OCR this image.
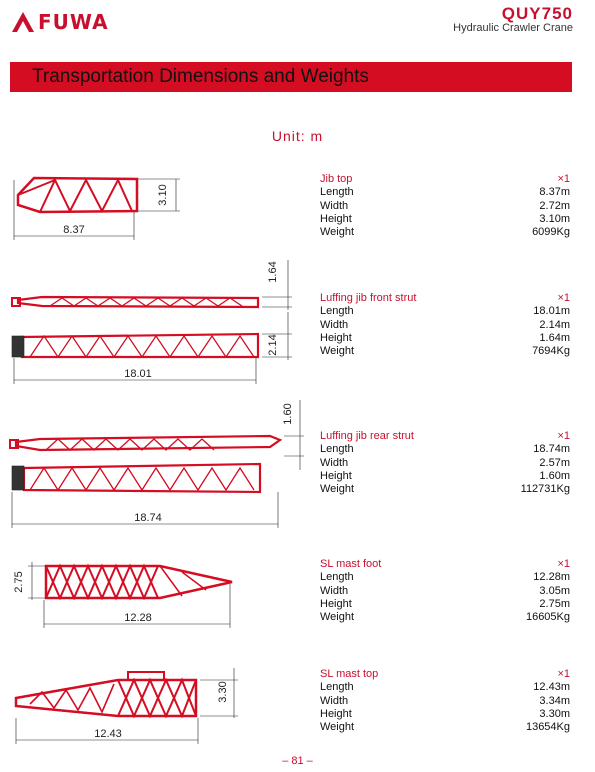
FUWA	QUY750
Hydraulic Crawler Crane
Transportation Dimensions and Weights
Unit: m
8.37
3.10
18.01
1.64
2.14
18.74
1.60
12.28
2.75
12.43
3.30
Jib top	×1
Length	8.37m
Width	2.72m
Height	3.10m
Weight	6099Kg
Luffing jib front strut	×1
Length	18.01m
Width	2.14m
Height	1.64m
Weight	7694Kg
Luffing jib rear strut	×1
Length	18.74m
Width	2.57m
Height	1.60m
Weight	112731Kg
SL mast foot	×1
Length	12.28m
Width	3.05m
Height	2.75m
Weight	16605Kg
SL mast top	×1
Length	12.43m
Width	3.34m
Height	3.30m
Weight	13654Kg
– 81 –
